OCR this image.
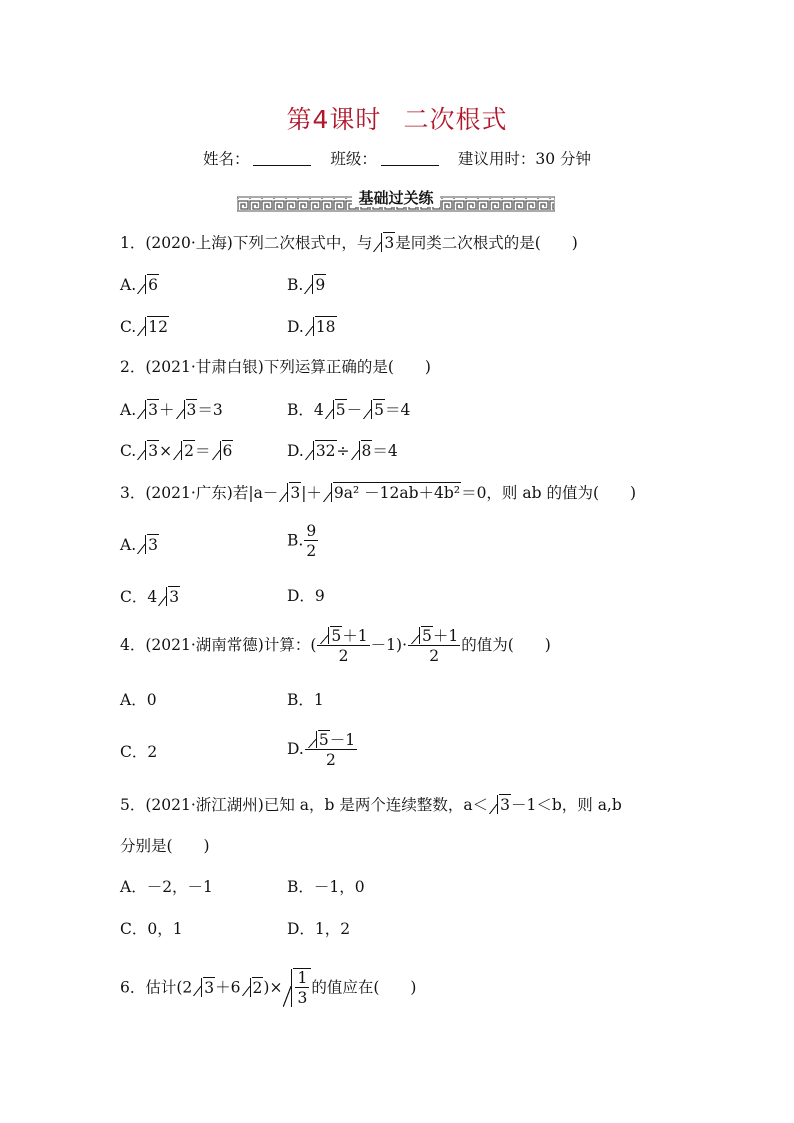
第4课时 二次根式
姓名：	班级：	建议用时：30 分钟
基础过关练
1．(2020·上海)下列二次根式中，与 3是同类二次根式的是(　　)
A. 6	B. 9
C. 12	D. 18
2．(2021·甘肃白银)下列运算正确的是(　　)
A. 3＋ 3＝3	B．4 5－ 5＝4
C. 3× 2＝ 6	D. 32÷ 8＝4
3．(2021·广东)若|a－ 3|＋ 9a² －12ab＋4b²＝0，则 ab 的值为(　　)
A. 3	B. $\frac{9}{2}$
C．4 3	D．9
4．(2021·湖南常德)计算：( $\frac{5+1}{2} -1)\cdot \frac{5+1}{2}$ 的值为(　　)
A．0	B．1
C．2	D. $\frac{5-1}{2}$
5．(2021·浙江湖州)已知 a，b 是两个连续整数，a＜ 3－1＜b，则 a,b
分别是(　　)
A．－2，－1	B．－1，0
C．0，1	D．1，2
6．估计(2 3＋6 $2)\times \frac{1}{3}$ 的值应在(　　)
